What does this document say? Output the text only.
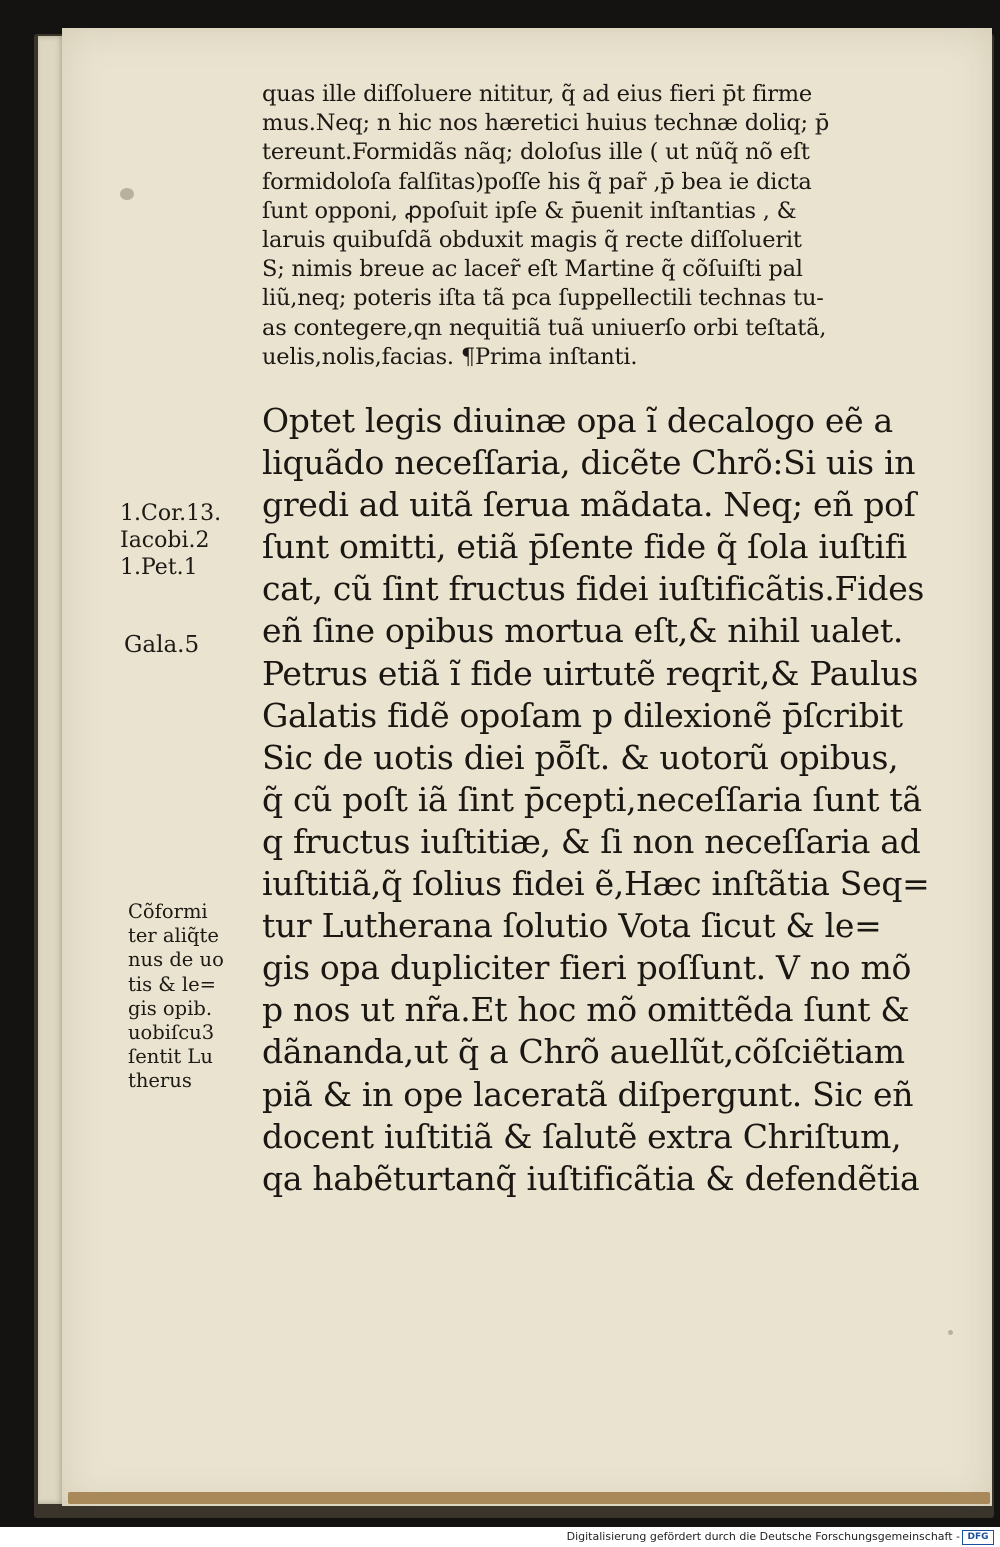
quas ille diſſoluere nititur, q̃ ad eius fieri p̄t firme
mus.Neq; n hic nos hæretici huius technæ doliq; p̄
tereunt.Formidãs nãq; doloſus ille ( ut nũq̃ nõ eſt
formidoloſa falſitas)poſſe his q̃ par̃ ,p̄ bea ie dicta
ſunt opponi, ꝓpoſuit ipſe & p̄uenit inſtantias , &
laruis quibuſdã obduxit magis q̃ recte diſſoluerit
S; nimis breue ac lacer̃ eſt Martine q̃ cõſuiſti pal
liũ,neq; poteris iſta tã pca ſuppellectili technas tu-
as contegere,qn nequitiã tuã uniuerſo orbi teſtatã,
uelis,nolis,facias. ¶Prima inſtanti.
Optet legis diuinæ opa ĩ decalogo eẽ a
liquãdo neceſſaria, dicẽte Chrõ:Si uis in
gredi ad uitã ſerua mãdata. Neq; eñ poſ
ſunt omitti, etiã p̄ſente fide q̃ ſola iuſtifi
cat, cũ ſint fructus fidei iuſtificãtis.Fides
eñ ſine opibus mortua eſt,& nihil ualet.
Petrus etiã ĩ fide uirtutẽ reqrit,& Paulus
Galatis fidẽ opoſam p dilexionẽ p̄ſcribit
Sic de uotis diei pȭſt. & uotorũ opibus,
q̃ cũ poſt iã ſint p̄cepti,neceſſaria ſunt tã
q fructus iuſtitiæ, & ſi non neceſſaria ad
iuſtitiã,q̃ ſolius fidei ẽ,Hæc inſtãtia Seq=
tur Lutherana ſolutio Vota ſicut & le=
gis opa dupliciter fieri poſſunt. V no mõ
p nos ut nr̃a.Et hoc mõ omittẽda ſunt &
dãnanda,ut q̃ a Chrõ auellũt,cõſciẽtiam
piã & in ope laceratã diſpergunt. Sic eñ
docent iuſtitiã & ſalutẽ extra Chriſtum,
qa habẽturtanq̃ iuſtificãtia & defendẽtia
1.Cor.13.
Iacobi.2
1.Pet.1
Gala.5
Cõformi
ter aliq̃te
nus de uo
tis & le=
gis opib.
uobiſcu3
ſentit Lu
therus
Digitalisierung gefördert durch die Deutsche Forschungsgemeinschaft - DFG
